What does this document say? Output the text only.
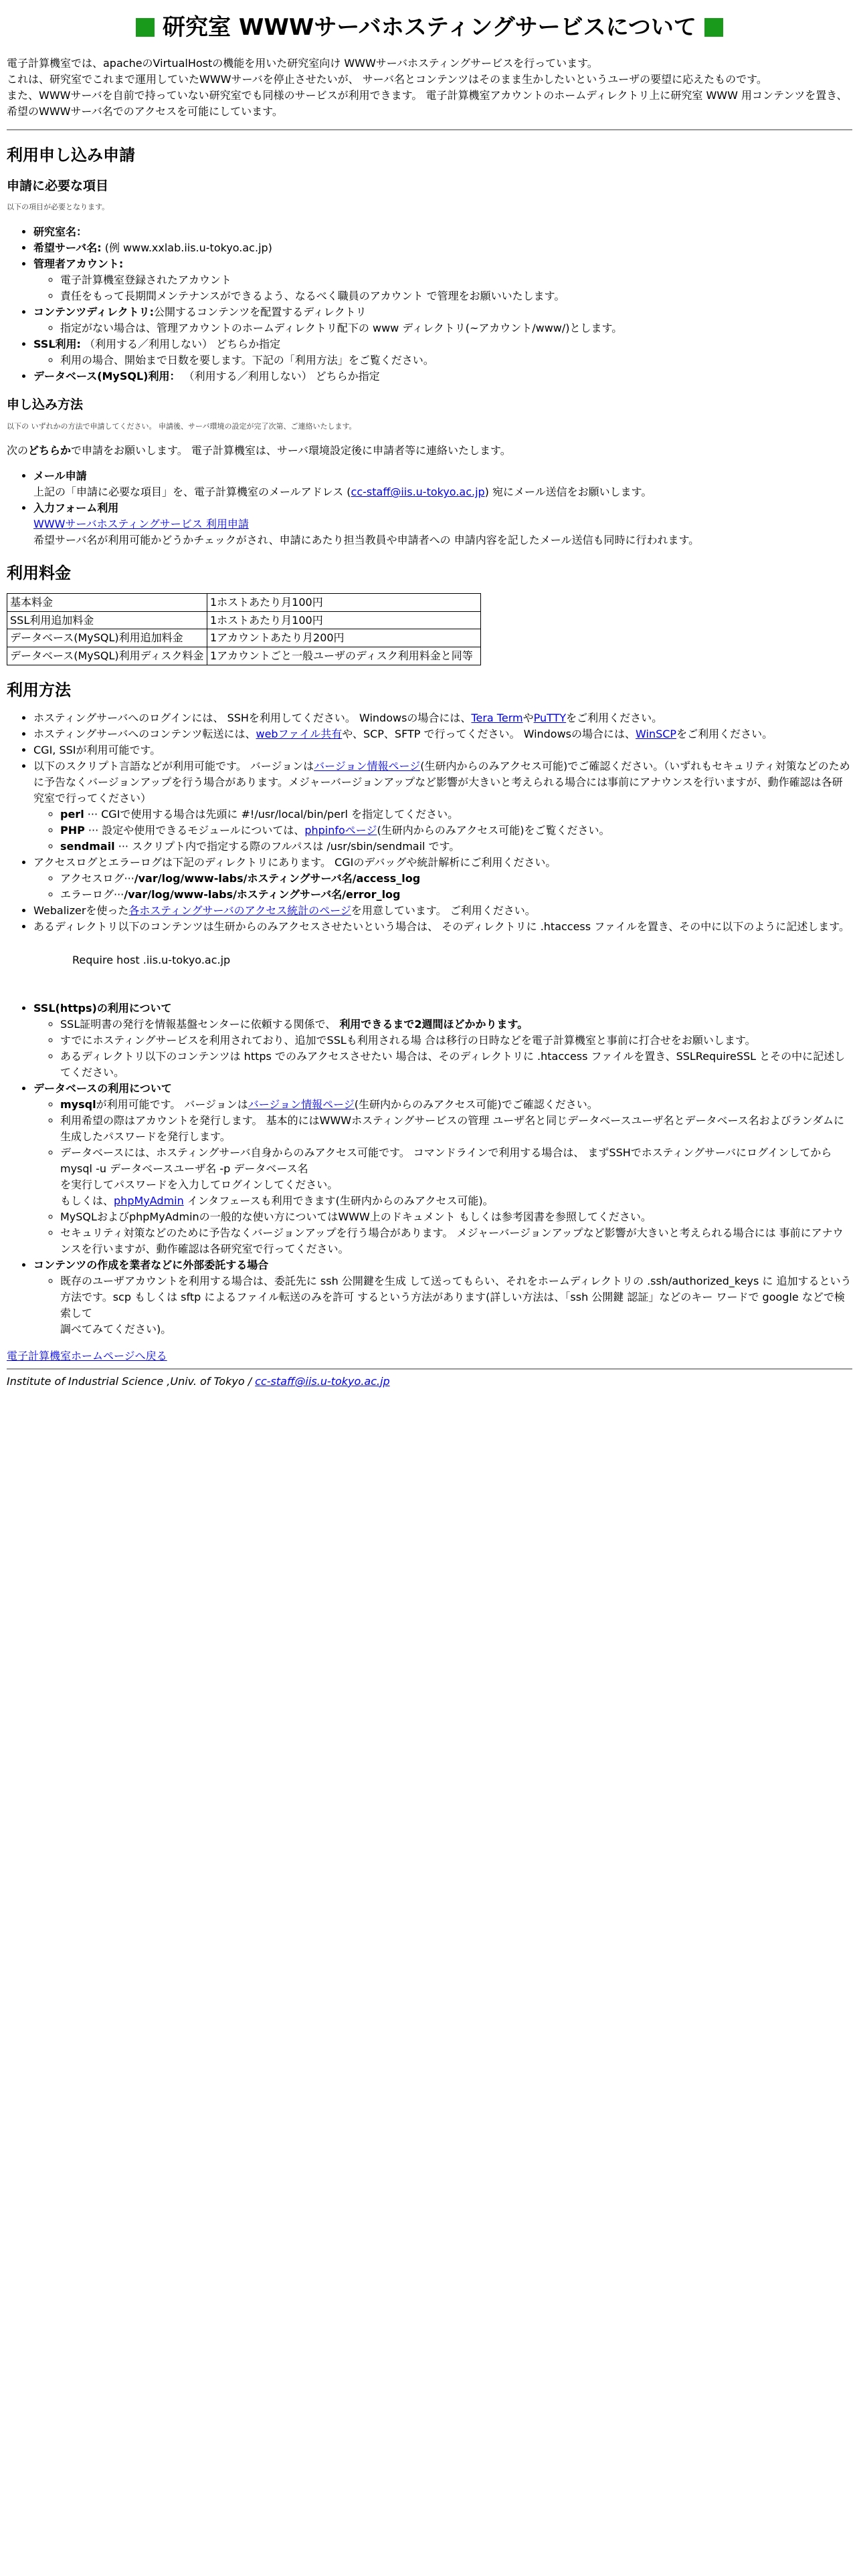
研究室 WWWサーバホスティングサービスについて

電子計算機室では、apacheのVirtualHostの機能を用いた研究室向け WWWサーバホスティングサービスを行っています。
これは、研究室でこれまで運用していたWWWサーバを停止させたいが、 サーバ名とコンテンツはそのまま生かしたいというユーザの要望に応えたものです。
また、WWWサーバを自前で持っていない研究室でも同様のサービスが利用できます。 電子計算機室アカウントのホームディレクトリ上に研究室 WWW 用コンテンツを置き、 希望のWWWサーバ名でのアクセスを可能にしています。

利用申し込み申請
申請に必要な項目

以下の項目が必要となります。

• 研究室名：
• 希望サーバ名: (例 www.xxlab.iis.u-tokyo.ac.jp)
• 管理者アカウント:
◦ 電子計算機室登録されたアカウント
◦ 責任をもって長期間メンテナンスができるよう、なるべく職員のアカウント で管理をお願いいたします。
• コンテンツディレクトリ:公開するコンテンツを配置するディレクトリ
◦ 指定がない場合は、管理アカウントのホームディレクトリ配下の www ディレクトリ(~アカウント/www/)とします。
• SSL利用: （利用する／利用しない） どちらか指定
◦ 利用の場合、開始まで日数を要します。下記の「利用方法」をご覧ください。
• データベース(MySQL)利用： （利用する／利用しない） どちらか指定
申し込み方法

以下の いずれかの方法で申請してください。 申請後、サーバ環境の設定が完了次第、ご連絡いたします。

次のどちらかで申請をお願いします。 電子計算機室は、サーバ環境設定後に申請者等に連絡いたします。

• メール申請
上記の「申請に必要な項目」を、電子計算機室のメールアドレス (cc-staff@iis.u-tokyo.ac.jp) 宛にメール送信をお願いします。
• 入力フォーム利用
WWWサーバホスティングサービス 利用申請
希望サーバ名が利用可能かどうかチェックがされ、申請にあたり担当教員や申請者への 申請内容を記したメール送信も同時に行われます。
利用料金
基本料金	1ホストあたり月100円
SSL利用追加料金	1ホストあたり月100円
データベース(MySQL)利用追加料金	1アカウントあたり月200円
データベース(MySQL)利用ディスク料金	1アカウントごと一般ユーザのディスク利用料金と同等
利用方法
• ホスティングサーバへのログインには、 SSHを利用してください。 Windowsの場合には、Tera TermやPuTTYをご利用ください。
• ホスティングサーバへのコンテンツ転送には、webファイル共有や、SCP、SFTP で行ってください。 Windowsの場合には、WinSCPをご利用ください。
• CGI, SSIが利用可能です。
• 以下のスクリプト言語などが利用可能です。 バージョンはバージョン情報ページ(生研内からのみアクセス可能)でご確認ください。（いずれもセキュリティ対策などのために予告なくバージョンアップを行う場合があります。メジャーバージョンアップなど影響が大きいと考えられる場合には事前にアナウンスを行いますが、動作確認は各研究室で行ってください）
◦ perl ··· CGIで使用する場合は先頭に #!/usr/local/bin/perl を指定してください。
◦ PHP ··· 設定や使用できるモジュールについては、phpinfoページ(生研内からのみアクセス可能)をご覧ください。
◦ sendmail ··· スクリプト内で指定する際のフルパスは /usr/sbin/sendmail です。
• アクセスログとエラーログは下記のディレクトリにあります。 CGIのデバッグや統計解析にご利用ください。
◦ アクセスログ···/var/log/www-labs/ホスティングサーバ名/access_log
◦ エラーログ···/var/log/www-labs/ホスティングサーバ名/error_log
• Webalizerを使った各ホスティングサーバのアクセス統計のページを用意しています。 ご利用ください。
• あるディレクトリ以下のコンテンツは生研からのみアクセスさせたいという場合は、 そのディレクトリに .htaccess ファイルを置き、その中に以下のように記述します。
Require host .iis.u-tokyo.ac.jp
• SSL(https)の利用について
◦ SSL証明書の発行を情報基盤センターに依頼する関係で、 利用できるまで2週間ほどかかります。
◦ すでにホスティングサービスを利用されており、追加でSSLも利用される場 合は移行の日時などを電子計算機室と事前に打合せをお願いします。
◦ あるディレクトリ以下のコンテンツは https でのみアクセスさせたい 場合は、そのディレクトリに .htaccess ファイルを置き、SSLRequireSSL とその中に記述してください。
• データベースの利用について
◦ mysqlが利用可能です。 バージョンはバージョン情報ページ(生研内からのみアクセス可能)でご確認ください。
◦ 利用希望の際はアカウントを発行します。 基本的にはWWWホスティングサービスの管理 ユーザ名と同じデータベースユーザ名とデータベース名およびランダムに 生成したパスワードを発行します。
◦ データベースには、ホスティングサーバ自身からのみアクセス可能です。 コマンドラインで利用する場合は、 まずSSHでホスティングサーバにログインしてから
mysql -u データベースユーザ名 -p データベース名
を実行してパスワードを入力してログインしてください。
もしくは、phpMyAdmin インタフェースも利用できます(生研内からのみアクセス可能)。
◦ MySQLおよびphpMyAdminの一般的な使い方についてはWWW上のドキュメント もしくは参考図書を参照してください。
◦ セキュリティ対策などのために予告なくバージョンアップを行う場合があります。 メジャーバージョンアップなど影響が大きいと考えられる場合には 事前にアナウンスを行いますが、動作確認は各研究室で行ってください。
• コンテンツの作成を業者などに外部委託する場合
◦ 既存のユーザアカウントを利用する場合は、委託先に ssh 公開鍵を生成 して送ってもらい、それをホームディレクトリの .ssh/authorized_keys に 追加するという方法です。scp もしくは sftp によるファイル転送のみを許可 するという方法があります(詳しい方法は、「ssh 公開鍵 認証」などのキー ワードで google などで検索して
調べてみてください)。
電子計算機室ホームページへ戻る
Institute of Industrial Science ,Univ. of Tokyo / cc-staff@iis.u-tokyo.ac.jp
